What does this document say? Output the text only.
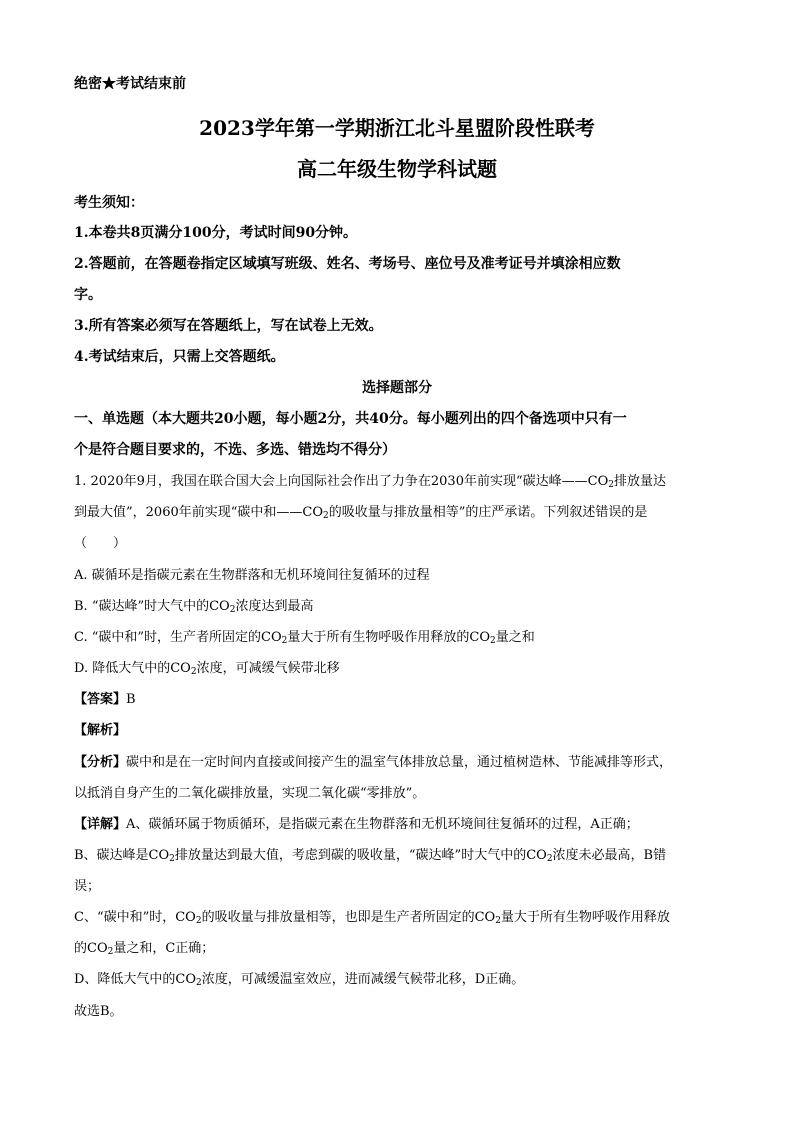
绝密★考试结束前
2023学年第一学期浙江北斗星盟阶段性联考
高二年级生物学科试题
考生须知：
1.本卷共8页满分100分，考试时间90分钟。
2.答题前，在答题卷指定区域填写班级、姓名、考场号、座位号及准考证号并填涂相应数
字。
3.所有答案必须写在答题纸上，写在试卷上无效。
4.考试结束后，只需上交答题纸。
选择题部分
一、单选题（本大题共20小题，每小题2分，共40分。每小题列出的四个备选项中只有一
个是符合题目要求的，不选、多选、错选均不得分）
1. 2020年9月，我国在联合国大会上向国际社会作出了力争在2030年前实现“碳达峰$——CO_2$排放量达
到最大值”，2060年前实现“碳中和$——CO_2$的吸收量与排放量相等”的庄严承诺。下列叙述错误的是
（　　）
A. 碳循环是指碳元素在生物群落和无机环境间往复循环的过程
B. “碳达峰”时大气中的$CO_2$浓度达到最高
C. “碳中和”时，生产者所固定的$CO_2$量大于所有生物呼吸作用释放的$CO_2$量之和
D. 降低大气中的$CO_2$浓度，可减缓气候带北移
【答案】B
【解析】
【分析】碳中和是在一定时间内直接或间接产生的温室气体排放总量，通过植树造林、节能减排等形式，
以抵消自身产生的二氧化碳排放量，实现二氧化碳“零排放”。
【详解】A、碳循环属于物质循环，是指碳元素在生物群落和无机环境间往复循环的过程，A正确；
B、碳达峰是$CO_2$排放量达到最大值，考虑到碳的吸收量，“碳达峰”时大气中的$CO_2$浓度未必最高，B错
误；
C、“碳中和”时，$CO_2$的吸收量与排放量相等，也即是生产者所固定的$CO_2$量大于所有生物呼吸作用释放
的$CO_2$量之和，C正确；
D、降低大气中的$CO_2$浓度，可减缓温室效应，进而减缓气候带北移，D正确。
故选B。
